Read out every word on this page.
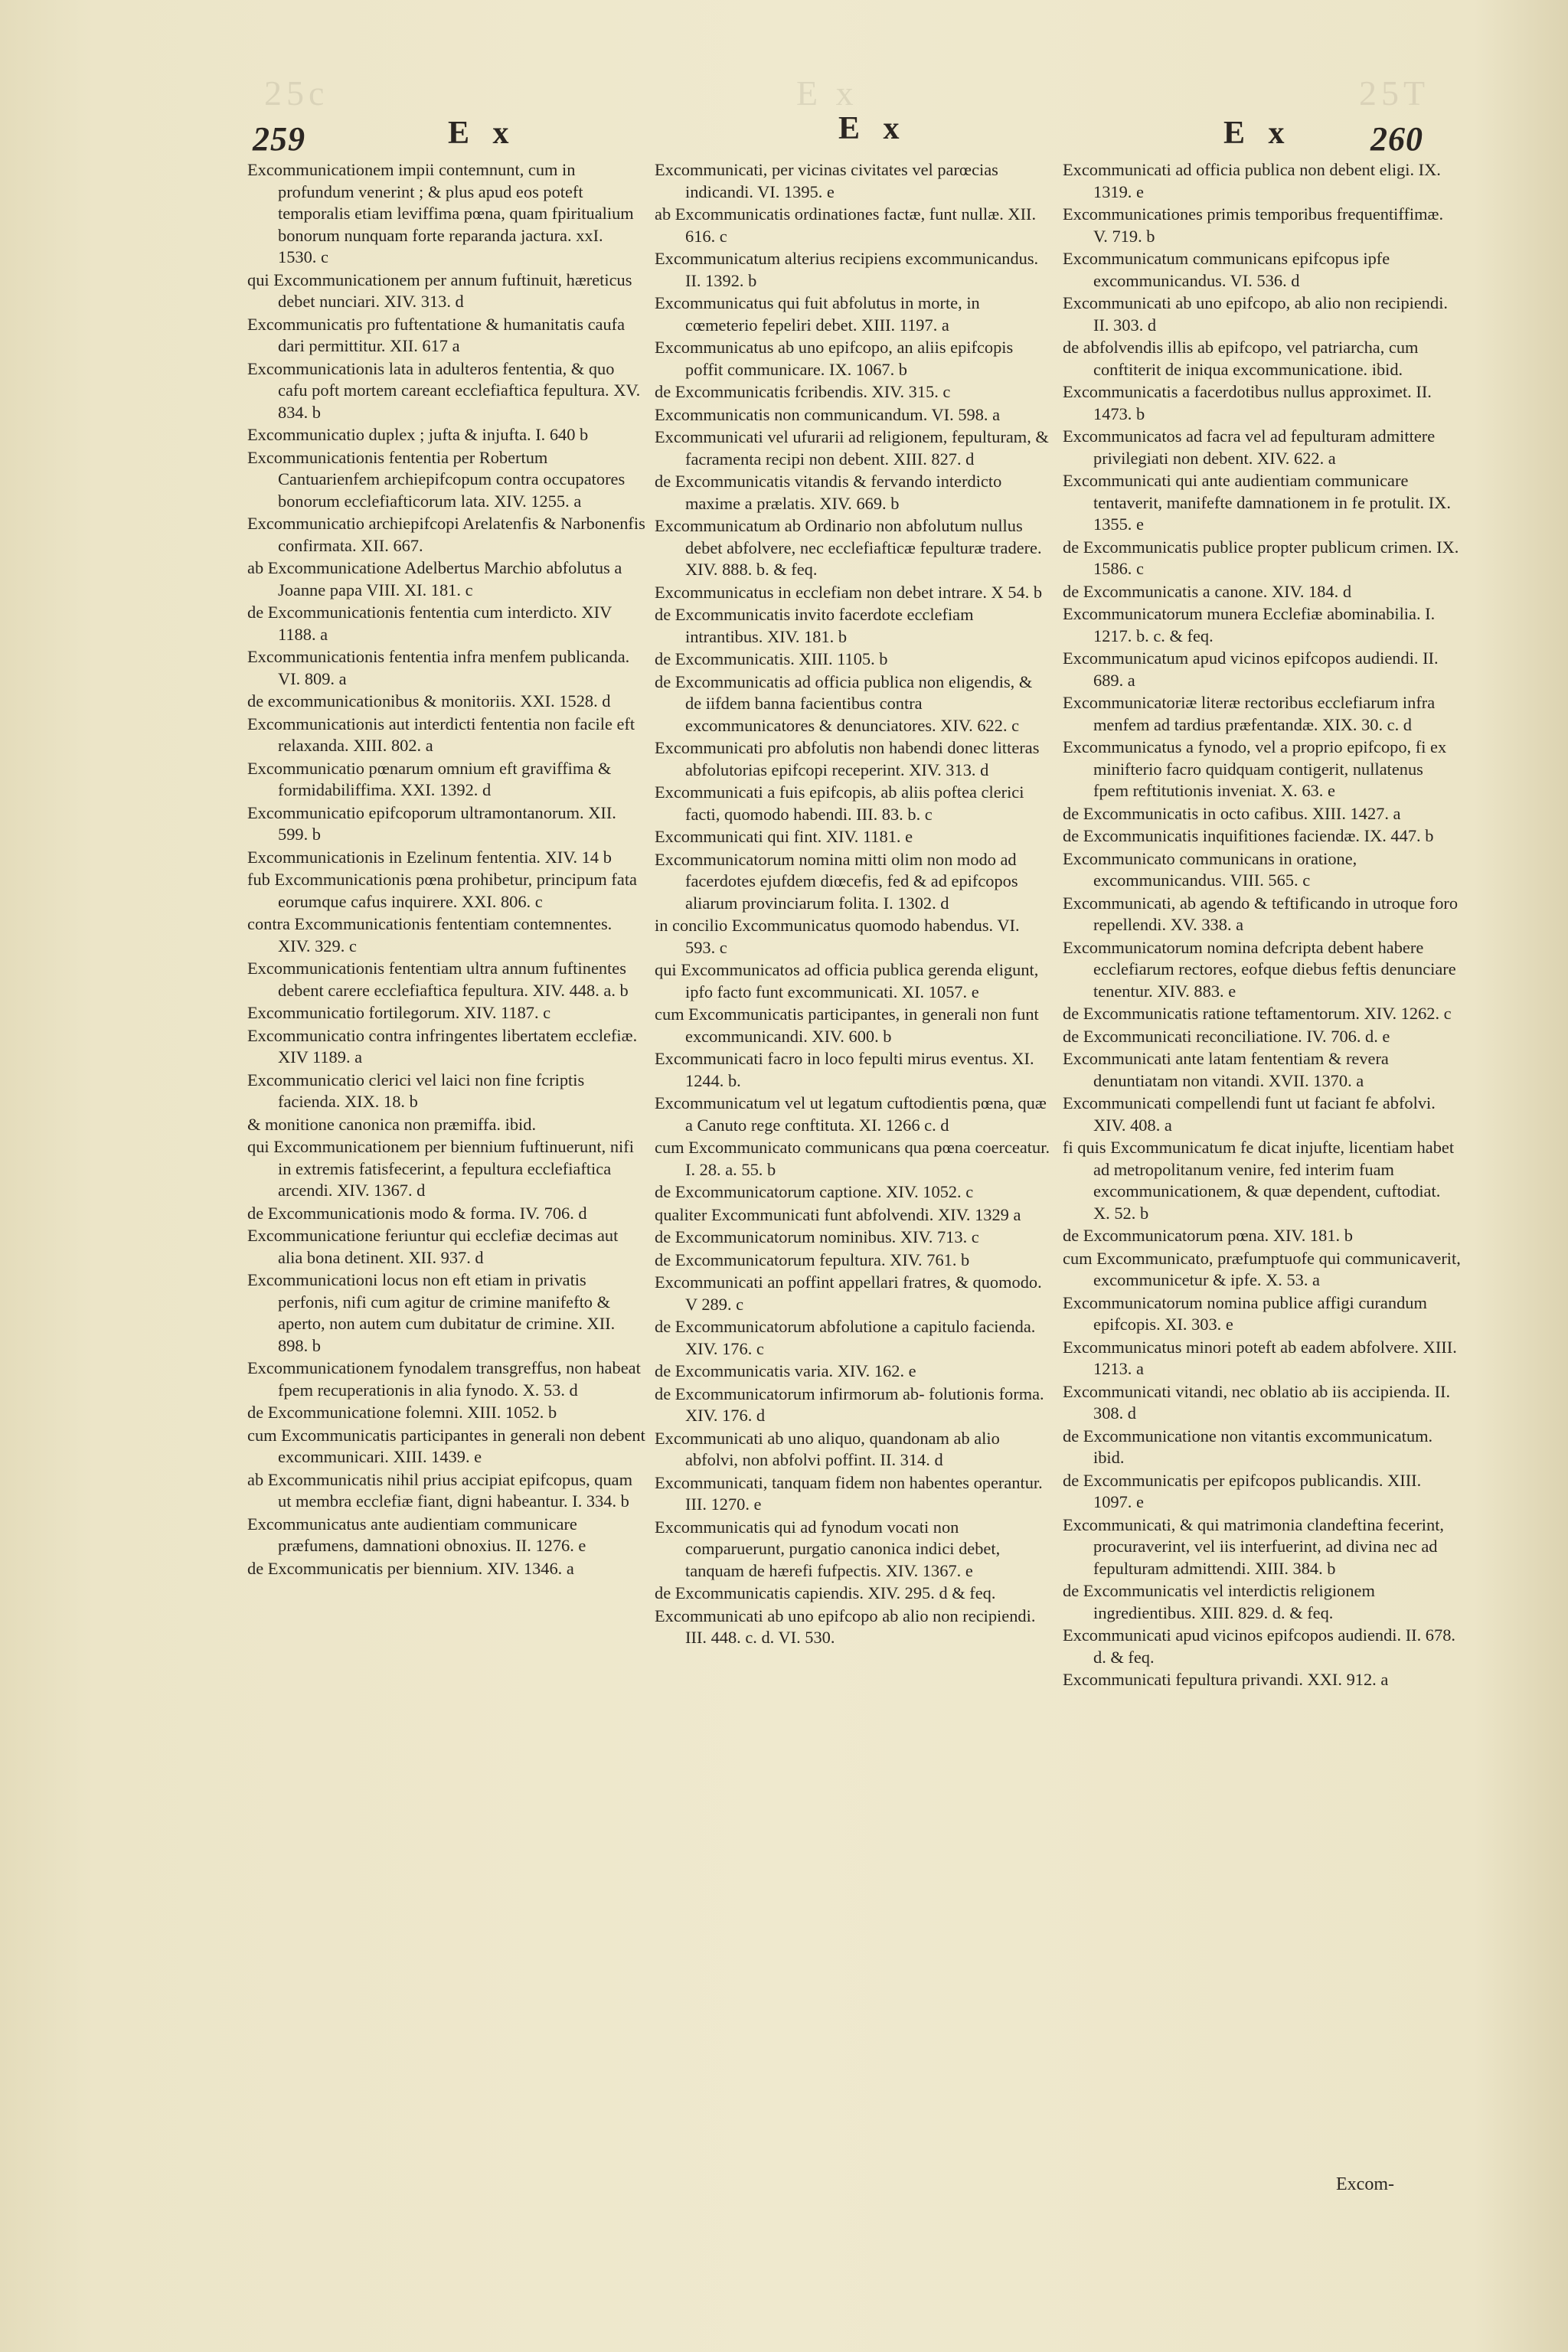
25c	E x	25T
259	E x	E x	E x 260
Excommunicationem impii contemnunt, cum in profundum venerint ; & plus apud eos poteft temporalis etiam leviffima pœna, quam fpiritualium bonorum nunquam forte reparanda jactura. xxI. 1530. c
qui Excommunicationem per annum fuftinuit, hæreticus debet nunciari. XIV. 313. d
Excommunicatis pro fuftentatione & humanitatis caufa dari permittitur. XII. 617 a
Excommunicationis lata in adulteros fententia, & quo cafu poft mortem careant ecclefiaftica fepultura. XV. 834. b
Excommunicatio duplex ; jufta & injufta. I. 640 b
Excommunicationis fententia per Robertum Cantuarienfem archiepifcopum contra occupatores bonorum ecclefiafticorum lata. XIV. 1255. a
Excommunicatio archiepifcopi Arelatenfis & Narbonenfis confirmata. XII. 667.
ab Excommunicatione Adelbertus Marchio abfolutus a Joanne papa VIII. XI. 181. c
de Excommunicationis fententia cum interdicto. XIV 1188. a
Excommunicationis fententia infra menfem publicanda. VI. 809. a
de excommunicationibus & monitoriis. XXI. 1528. d
Excommunicationis aut interdicti fententia non facile eft relaxanda. XIII. 802. a
Excommunicatio pœnarum omnium eft graviffima & formidabiliffima. XXI. 1392. d
Excommunicatio epifcoporum ultramontanorum. XII. 599. b
Excommunicationis in Ezelinum fententia. XIV. 14 b
fub Excommunicationis pœna prohibetur, principum fata eorumque cafus inquirere. XXI. 806. c
contra Excommunicationis fententiam contemnentes. XIV. 329. c
Excommunicationis fententiam ultra annum fuftinentes debent carere ecclefiaftica fepultura. XIV. 448. a. b
Excommunicatio fortilegorum. XIV. 1187. c
Excommunicatio contra infringentes libertatem ecclefiæ. XIV 1189. a
Excommunicatio clerici vel laici non fine fcriptis facienda. XIX. 18. b
& monitione canonica non præmiffa. ibid.
qui Excommunicationem per biennium fuftinuerunt, nifi in extremis fatisfecerint, a fepultura ecclefiaftica arcendi. XIV. 1367. d
de Excommunicationis modo & forma. IV. 706. d
Excommunicatione feriuntur qui ecclefiæ decimas aut alia bona detinent. XII. 937. d
Excommunicationi locus non eft etiam in privatis perfonis, nifi cum agitur de crimine manifefto & aperto, non autem cum dubitatur de crimine. XII. 898. b
Excommunicationem fynodalem transgreffus, non habeat fpem recuperationis in alia fynodo. X. 53. d
de Excommunicatione folemni. XIII. 1052. b
cum Excommunicatis participantes in generali non debent excommunicari. XIII. 1439. e
ab Excommunicatis nihil prius accipiat epifcopus, quam ut membra ecclefiæ fiant, digni habeantur. I. 334. b
Excommunicatus ante audientiam communicare præfumens, damnationi obnoxius. II. 1276. e
de Excommunicatis per biennium. XIV. 1346. a
Excommunicati, per vicinas civitates vel parœcias indicandi. VI. 1395. e
ab Excommunicatis ordinationes factæ, funt nullæ. XII. 616. c
Excommunicatum alterius recipiens excommunicandus. II. 1392. b
Excommunicatus qui fuit abfolutus in morte, in cœmeterio fepeliri debet. XIII. 1197. a
Excommunicatus ab uno epifcopo, an aliis epifcopis poffit communicare. IX. 1067. b
de Excommunicatis fcribendis. XIV. 315. c
Excommunicatis non communicandum. VI. 598. a
Excommunicati vel ufurarii ad religionem, fepulturam, & facramenta recipi non debent. XIII. 827. d
de Excommunicatis vitandis & fervando interdicto maxime a prælatis. XIV. 669. b
Excommunicatum ab Ordinario non abfolutum nullus debet abfolvere, nec ecclefiafticæ fepulturæ tradere. XIV. 888. b. & feq.
Excommunicatus in ecclefiam non debet intrare. X 54. b
de Excommunicatis invito facerdote ecclefiam intrantibus. XIV. 181. b
de Excommunicatis. XIII. 1105. b
de Excommunicatis ad officia publica non eligendis, & de iifdem banna facientibus contra excommunicatores & denunciatores. XIV. 622. c
Excommunicati pro abfolutis non habendi donec litteras abfolutorias epifcopi receperint. XIV. 313. d
Excommunicati a fuis epifcopis, ab aliis poftea clerici facti, quomodo habendi. III. 83. b. c
Excommunicati qui fint. XIV. 1181. e
Excommunicatorum nomina mitti olim non modo ad facerdotes ejufdem diœcefis, fed & ad epifcopos aliarum provinciarum folita. I. 1302. d
in concilio Excommunicatus quomodo habendus. VI. 593. c
qui Excommunicatos ad officia publica gerenda eligunt, ipfo facto funt excommunicati. XI. 1057. e
cum Excommunicatis participantes, in generali non funt excommunicandi. XIV. 600. b
Excommunicati facro in loco fepulti mirus eventus. XI. 1244. b.
Excommunicatum vel ut legatum cuftodientis pœna, quæ a Canuto rege conftituta. XI. 1266 c. d
cum Excommunicato communicans qua pœna coerceatur. I. 28. a. 55. b
de Excommunicatorum captione. XIV. 1052. c
qualiter Excommunicati funt abfolvendi. XIV. 1329 a
de Excommunicatorum nominibus. XIV. 713. c
de Excommunicatorum fepultura. XIV. 761. b
Excommunicati an poffint appellari fratres, & quomodo. V 289. c
de Excommunicatorum abfolutione a capitulo facienda. XIV. 176. c
de Excommunicatis varia. XIV. 162. e
de Excommunicatorum infirmorum ab- folutionis forma. XIV. 176. d
Excommunicati ab uno aliquo, quandonam ab alio abfolvi, non abfolvi poffint. II. 314. d
Excommunicati, tanquam fidem non habentes operantur. III. 1270. e
Excommunicatis qui ad fynodum vocati non comparuerunt, purgatio canonica indici debet, tanquam de hærefi fufpectis. XIV. 1367. e
de Excommunicatis capiendis. XIV. 295. d & feq.
Excommunicati ab uno epifcopo ab alio non recipiendi. III. 448. c. d. VI. 530.
Excommunicati ad officia publica non debent eligi. IX. 1319. e
Excommunicationes primis temporibus frequentiffimæ. V. 719. b
Excommunicatum communicans epifcopus ipfe excommunicandus. VI. 536. d
Excommunicati ab uno epifcopo, ab alio non recipiendi. II. 303. d
de abfolvendis illis ab epifcopo, vel patriarcha, cum conftiterit de iniqua excommunicatione. ibid.
Excommunicatis a facerdotibus nullus approximet. II. 1473. b
Excommunicatos ad facra vel ad fepulturam admittere privilegiati non debent. XIV. 622. a
Excommunicati qui ante audientiam communicare tentaverit, manifefte damnationem in fe protulit. IX. 1355. e
de Excommunicatis publice propter publicum crimen. IX. 1586. c
de Excommunicatis a canone. XIV. 184. d
Excommunicatorum munera Ecclefiæ abominabilia. I. 1217. b. c. & feq.
Excommunicatum apud vicinos epifcopos audiendi. II. 689. a
Excommunicatoriæ literæ rectoribus ecclefiarum infra menfem ad tardius præfentandæ. XIX. 30. c. d
Excommunicatus a fynodo, vel a proprio epifcopo, fi ex minifterio facro quidquam contigerit, nullatenus fpem reftitutionis inveniat. X. 63. e
de Excommunicatis in octo cafibus. XIII. 1427. a
de Excommunicatis inquifitiones faciendæ. IX. 447. b
Excommunicato communicans in oratione, excommunicandus. VIII. 565. c
Excommunicati, ab agendo & teftificando in utroque foro repellendi. XV. 338. a
Excommunicatorum nomina defcripta debent habere ecclefiarum rectores, eofque diebus feftis denunciare tenentur. XIV. 883. e
de Excommunicatis ratione teftamentorum. XIV. 1262. c
de Excommunicati reconciliatione. IV. 706. d. e
Excommunicati ante latam fententiam & revera denuntiatam non vitandi. XVII. 1370. a
Excommunicati compellendi funt ut faciant fe abfolvi. XIV. 408. a
fi quis Excommunicatum fe dicat injufte, licentiam habet ad metropolitanum venire, fed interim fuam excommunicationem, & quæ dependent, cuftodiat. X. 52. b
de Excommunicatorum pœna. XIV. 181. b
cum Excommunicato, præfumptuofe qui communicaverit, excommunicetur & ipfe. X. 53. a
Excommunicatorum nomina publice affigi curandum epifcopis. XI. 303. e
Excommunicatus minori poteft ab eadem abfolvere. XIII. 1213. a
Excommunicati vitandi, nec oblatio ab iis accipienda. II. 308. d
de Excommunicatione non vitantis excommunicatum. ibid.
de Excommunicatis per epifcopos publicandis. XIII. 1097. e
Excommunicati, & qui matrimonia clandeftina fecerint, procuraverint, vel iis interfuerint, ad divina nec ad fepulturam admittendi. XIII. 384. b
de Excommunicatis vel interdictis religionem ingredientibus. XIII. 829. d. & feq.
Excommunicati apud vicinos epifcopos audiendi. II. 678. d. & feq.
Excommunicati fepultura privandi. XXI. 912. a
Excom-
